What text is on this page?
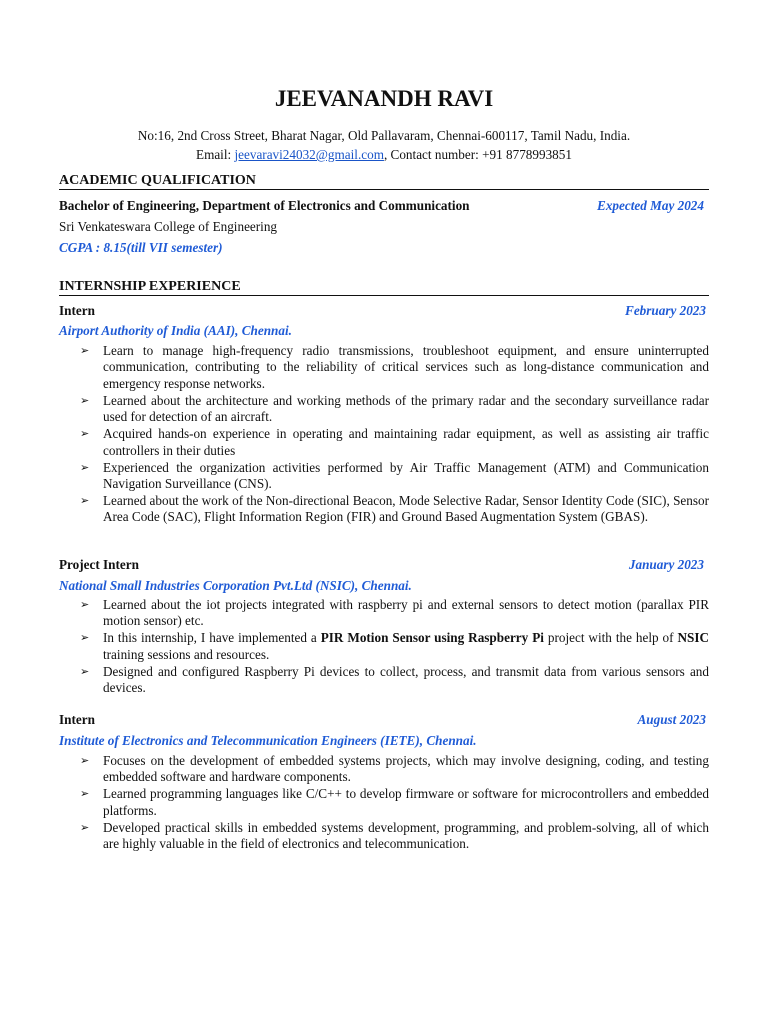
JEEVANANDH RAVI
No:16, 2nd Cross Street, Bharat Nagar, Old Pallavaram, Chennai-600117, Tamil Nadu, India.
Email: jeevaravi24032@gmail.com, Contact number: +91 8778993851
ACADEMIC QUALIFICATION
Bachelor of Engineering, Department of Electronics and Communication	Expected May 2024
Sri Venkateswara College of Engineering
CGPA : 8.15(till VII semester)
INTERNSHIP EXPERIENCE
Intern	February 2023
Airport Authority of India (AAI), Chennai.
➢ Learn to manage high-frequency radio transmissions, troubleshoot equipment, and ensure uninterrupted communication, contributing to the reliability of critical services such as long-distance communication and emergency response networks.
➢ Learned about the architecture and working methods of the primary radar and the secondary surveillance radar used for detection of an aircraft.
➢ Acquired hands-on experience in operating and maintaining radar equipment, as well as assisting air traffic controllers in their duties
➢ Experienced the organization activities performed by Air Traffic Management (ATM) and Communication Navigation Surveillance (CNS).
➢ Learned about the work of the Non-directional Beacon, Mode Selective Radar, Sensor Identity Code (SIC), Sensor Area Code (SAC), Flight Information Region (FIR) and Ground Based Augmentation System (GBAS).
Project Intern	January 2023
National Small Industries Corporation Pvt.Ltd (NSIC), Chennai.
➢ Learned about the iot projects integrated with raspberry pi and external sensors to detect motion (parallax PIR motion sensor) etc.
➢ In this internship, I have implemented a PIR Motion Sensor using Raspberry Pi project with the help of NSIC training sessions and resources.
➢ Designed and configured Raspberry Pi devices to collect, process, and transmit data from various sensors and devices.
Intern	August 2023
Institute of Electronics and Telecommunication Engineers (IETE), Chennai.
➢ Focuses on the development of embedded systems projects, which may involve designing, coding, and testing embedded software and hardware components.
➢ Learned programming languages like C/C++ to develop firmware or software for microcontrollers and embedded platforms.
➢ Developed practical skills in embedded systems development, programming, and problem-solving, all of which are highly valuable in the field of electronics and telecommunication.
